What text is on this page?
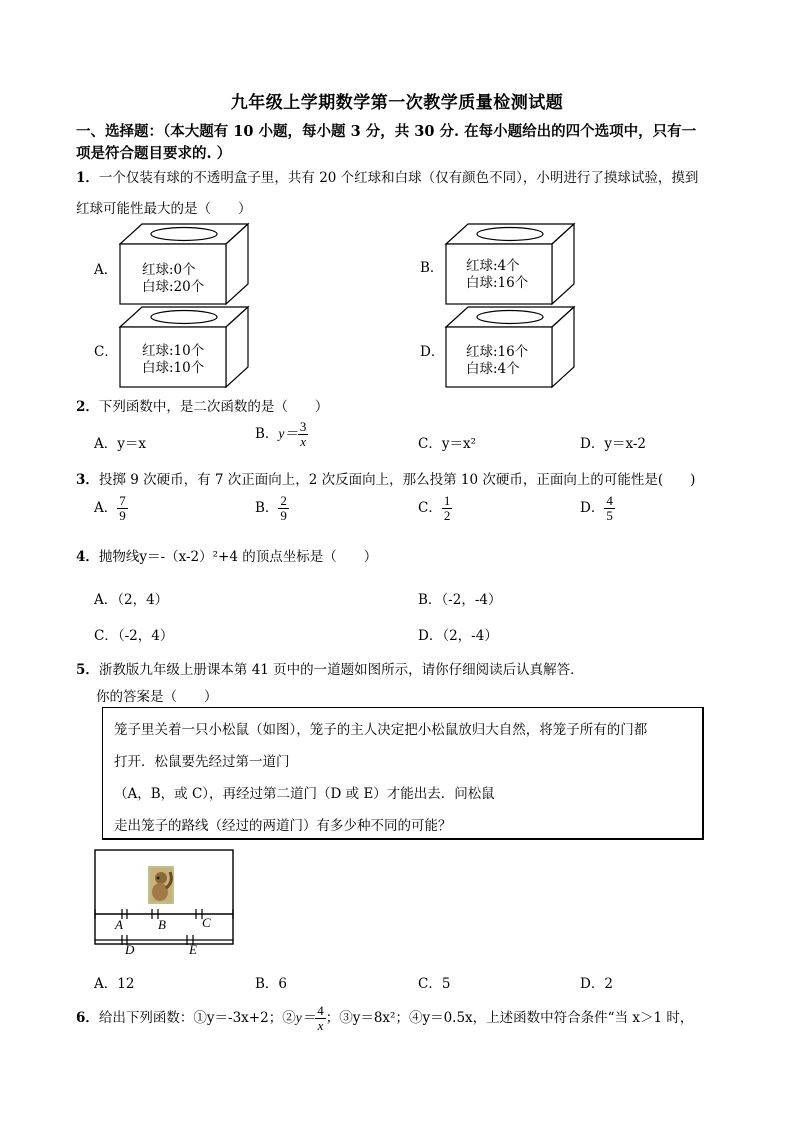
九年级上学期数学第一次教学质量检测试题
一、选择题：（本大题有 10 小题，每小题 3 分，共 30 分. 在每小题给出的四个选项中，只有一
项是符合题目要求的. ）
1．一个仅装有球的不透明盒子里，共有 20 个红球和白球（仅有颜色不同），小明进行了摸球试验，摸到
红球可能性最大的是（　　）
A． 红球:0个
白球:20个
B． 红球:4个
白球:16个
C． 红球:10个
白球:10个
D． 红球:16个
白球:4个
2．下列函数中，是二次函数的是（　　）
A．y＝x
B．$y= \frac{3}{x}$	C．y＝x²	D．y＝x-2
3．投掷 9 次硬币，有 7 次正面向上，2 次反面向上，那么投第 10 次硬币，正面向上的可能性是(　　)
A． $\frac{7}{9}$	B． $\frac{2}{9}$	C． $\frac{1}{2}$	D． $\frac{4}{5}$
4．抛物线y＝-（x-2）²+4 的顶点坐标是（　　）
A．（2，4）	B．（-2，-4）
C．（-2，4）	D．（2，-4）
5．浙教版九年级上册课本第 41 页中的一道题如图所示，请你仔细阅读后认真解答．
你的答案是（　　）
笼子里关着一只小松鼠（如图），笼子的主人决定把小松鼠放归大自然，将笼子所有的门都
打开．松鼠要先经过第一道门
（A，B，或 C），再经过第二道门（D 或 E）才能出去．问松鼠
走出笼子的路线（经过的两道门）有多少种不同的可能？
A	B	C
D	E
A．12	B．6	C．5	D．2
6．给出下列函数：①y＝-3x+2；②y＝ $\frac{4}{x}$ ；③y＝8x²；④y＝0.5x，上述函数中符合条件“当 x＞1 时，
